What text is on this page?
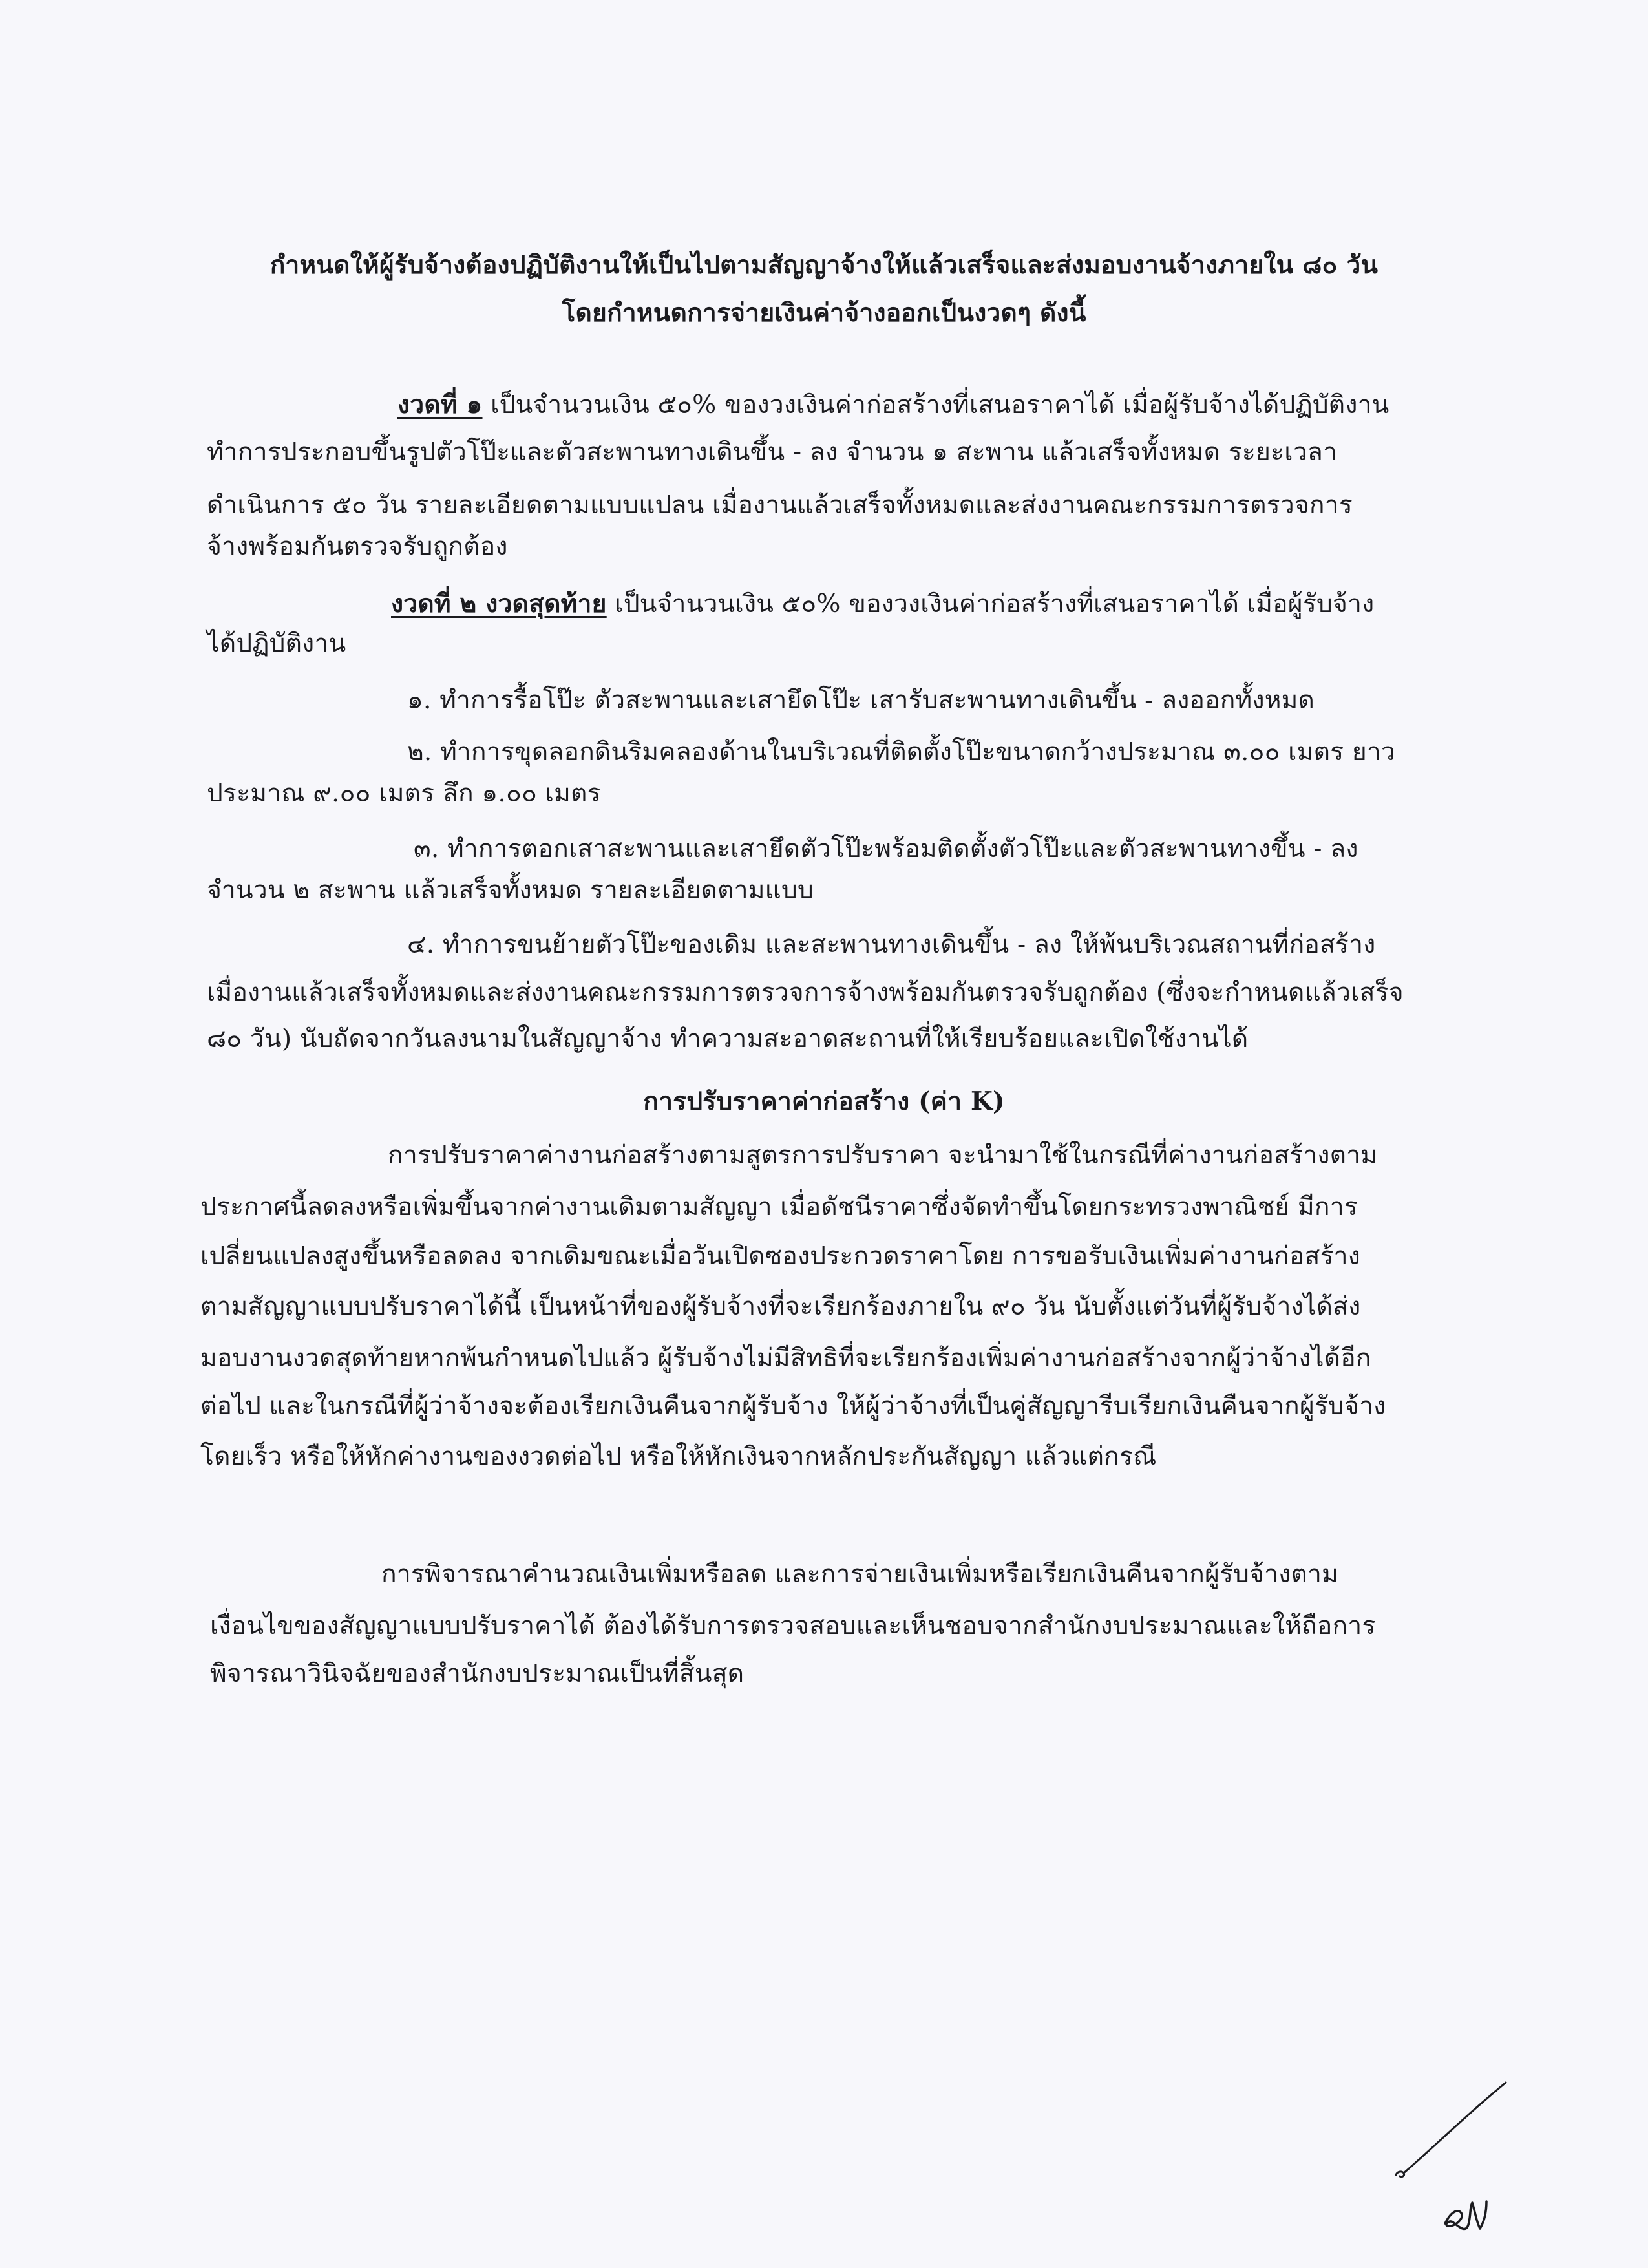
กำหนดให้ผู้รับจ้างต้องปฏิบัติงานให้เป็นไปตามสัญญาจ้างให้แล้วเสร็จและส่งมอบงานจ้างภายใน ๘๐ วัน
โดยกำหนดการจ่ายเงินค่าจ้างออกเป็นงวดๆ ดังนี้
งวดที่ ๑ เป็นจำนวนเงิน ๕๐% ของวงเงินค่าก่อสร้างที่เสนอราคาได้ เมื่อผู้รับจ้างได้ปฏิบัติงาน
ทำการประกอบขึ้นรูปตัวโป๊ะและตัวสะพานทางเดินขึ้น - ลง จำนวน ๑ สะพาน แล้วเสร็จทั้งหมด ระยะเวลา
ดำเนินการ ๕๐ วัน รายละเอียดตามแบบแปลน เมื่องานแล้วเสร็จทั้งหมดและส่งงานคณะกรรมการตรวจการ
จ้างพร้อมกันตรวจรับถูกต้อง
งวดที่ ๒ งวดสุดท้าย เป็นจำนวนเงิน ๕๐% ของวงเงินค่าก่อสร้างที่เสนอราคาได้ เมื่อผู้รับจ้าง
ได้ปฏิบัติงาน
๑. ทำการรื้อโป๊ะ ตัวสะพานและเสายึดโป๊ะ เสารับสะพานทางเดินขึ้น - ลงออกทั้งหมด
๒. ทำการขุดลอกดินริมคลองด้านในบริเวณที่ติดตั้งโป๊ะขนาดกว้างประมาณ ๓.๐๐ เมตร ยาว
ประมาณ ๙.๐๐ เมตร ลึก ๑.๐๐ เมตร
๓. ทำการตอกเสาสะพานและเสายึดตัวโป๊ะพร้อมติดตั้งตัวโป๊ะและตัวสะพานทางขึ้น - ลง
จำนวน ๒ สะพาน แล้วเสร็จทั้งหมด รายละเอียดตามแบบ
๔. ทำการขนย้ายตัวโป๊ะของเดิม และสะพานทางเดินขึ้น - ลง ให้พ้นบริเวณสถานที่ก่อสร้าง
เมื่องานแล้วเสร็จทั้งหมดและส่งงานคณะกรรมการตรวจการจ้างพร้อมกันตรวจรับถูกต้อง (ซึ่งจะกำหนดแล้วเสร็จ
๘๐ วัน) นับถัดจากวันลงนามในสัญญาจ้าง ทำความสะอาดสะถานที่ให้เรียบร้อยและเปิดใช้งานได้
การปรับราคาค่าก่อสร้าง (ค่า K)
การปรับราคาค่างานก่อสร้างตามสูตรการปรับราคา จะนำมาใช้ในกรณีที่ค่างานก่อสร้างตาม
ประกาศนี้ลดลงหรือเพิ่มขึ้นจากค่างานเดิมตามสัญญา เมื่อดัชนีราคาซึ่งจัดทำขึ้นโดยกระทรวงพาณิชย์ มีการ
เปลี่ยนแปลงสูงขึ้นหรือลดลง จากเดิมขณะเมื่อวันเปิดซองประกวดราคาโดย การขอรับเงินเพิ่มค่างานก่อสร้าง
ตามสัญญาแบบปรับราคาได้นี้ เป็นหน้าที่ของผู้รับจ้างที่จะเรียกร้องภายใน ๙๐ วัน นับตั้งแต่วันที่ผู้รับจ้างได้ส่ง
มอบงานงวดสุดท้ายหากพ้นกำหนดไปแล้ว ผู้รับจ้างไม่มีสิทธิที่จะเรียกร้องเพิ่มค่างานก่อสร้างจากผู้ว่าจ้างได้อีก
ต่อไป และในกรณีที่ผู้ว่าจ้างจะต้องเรียกเงินคืนจากผู้รับจ้าง ให้ผู้ว่าจ้างที่เป็นคู่สัญญารีบเรียกเงินคืนจากผู้รับจ้าง
โดยเร็ว หรือให้หักค่างานของงวดต่อไป หรือให้หักเงินจากหลักประกันสัญญา แล้วแต่กรณี
การพิจารณาคำนวณเงินเพิ่มหรือลด และการจ่ายเงินเพิ่มหรือเรียกเงินคืนจากผู้รับจ้างตาม
เงื่อนไขของสัญญาแบบปรับราคาได้ ต้องได้รับการตรวจสอบและเห็นชอบจากสำนักงบประมาณและให้ถือการ
พิจารณาวินิจฉัยของสำนักงบประมาณเป็นที่สิ้นสุด
